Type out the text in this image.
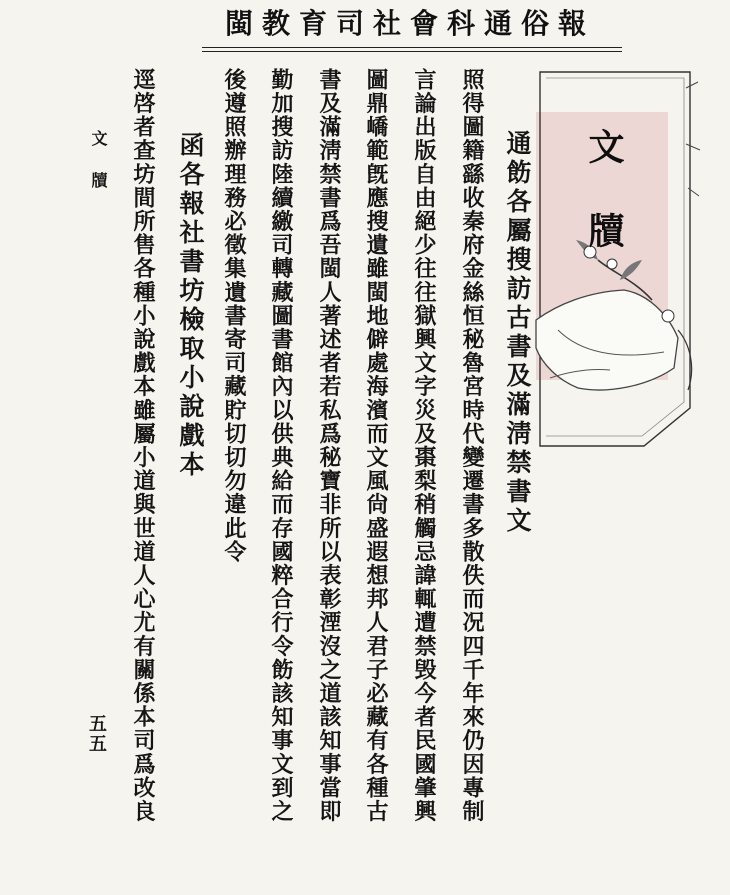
閩教育司社會科通俗報
文牘
通飭各屬搜訪古書及滿淸禁書文
照得圖籍繇收秦府金絲恒秘魯宮時代變遷書多散佚而况四千年來仍因專制
言論出版自由絕少往往獄興文字災及棗梨稍觸忌諱輒遭禁毁今者民國肇興
圖鼎嶠範旣應搜遺雖閩地僻處海濱而文風尙盛遐想邦人君子必藏有各種古
書及滿淸禁書爲吾閩人著述者若私爲秘寶非所以表彰湮沒之道該知事當即
勤加搜訪陸續繳司轉藏圖書館內以供典給而存國粹合行令飭該知事文到之
後遵照辦理務必徵集遺書寄司藏貯切切勿違此令
函各報社書坊檢取小說戲本
逕啓者查坊間所售各種小說戲本雖屬小道與世道人心尤有關係本司爲改良
文牘
五五
